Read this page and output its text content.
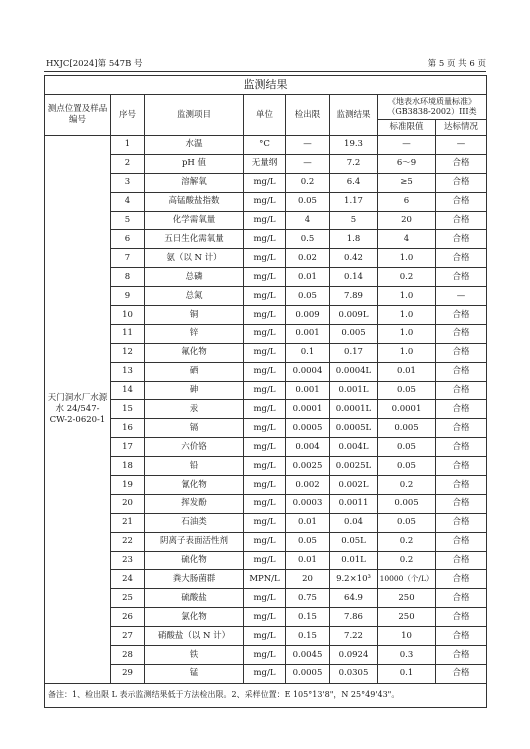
HXJC[2024]第 547B 号	第 5 页 共 6 页
监测结果							
测点位置及样品编号	序号	监测项目	单位	检出限	监测结果	《地表水环境质量标准》（GB3838-2002）III类	
						标准限值	达标情况
天门洞水厂水源水 24/547-CW-2-0620-1	1	水温	°C	—	19.3	—	—
	2	pH 值	无量纲	—	7.2	6～9	合格
	3	溶解氧	mg/L	0.2	6.4	≥5	合格
	4	高锰酸盐指数	mg/L	0.05	1.17	6	合格
	5	化学需氧量	mg/L	4	5	20	合格
	6	五日生化需氧量	mg/L	0.5	1.8	4	合格
	7	氨（以 N 计）	mg/L	0.02	0.42	1.0	合格
	8	总磷	mg/L	0.01	0.14	0.2	合格
	9	总氮	mg/L	0.05	7.89	1.0	—
	10	铜	mg/L	0.009	0.009L	1.0	合格
	11	锌	mg/L	0.001	0.005	1.0	合格
	12	氟化物	mg/L	0.1	0.17	1.0	合格
	13	硒	mg/L	0.0004	0.0004L	0.01	合格
	14	砷	mg/L	0.001	0.001L	0.05	合格
	15	汞	mg/L	0.0001	0.0001L	0.0001	合格
	16	镉	mg/L	0.0005	0.0005L	0.005	合格
	17	六价铬	mg/L	0.004	0.004L	0.05	合格
	18	铅	mg/L	0.0025	0.0025L	0.05	合格
	19	氰化物	mg/L	0.002	0.002L	0.2	合格
	20	挥发酚	mg/L	0.0003	0.0011	0.005	合格
	21	石油类	mg/L	0.01	0.04	0.05	合格
	22	阴离子表面活性剂	mg/L	0.05	0.05L	0.2	合格
	23	硫化物	mg/L	0.01	0.01L	0.2	合格
	24	粪大肠菌群	MPN/L	20	9.2×10³	10000（个/L）	合格
	25	硫酸盐	mg/L	0.75	64.9	250	合格
	26	氯化物	mg/L	0.15	7.86	250	合格
	27	硝酸盐（以 N 计）	mg/L	0.15	7.22	10	合格
	28	铁	mg/L	0.0045	0.0924	0.3	合格
	29	锰	mg/L	0.0005	0.0305	0.1	合格
备注：1、检出限 L 表示监测结果低于方法检出限。2、采样位置：E 105°13'8"，N 25°49'43"。							
